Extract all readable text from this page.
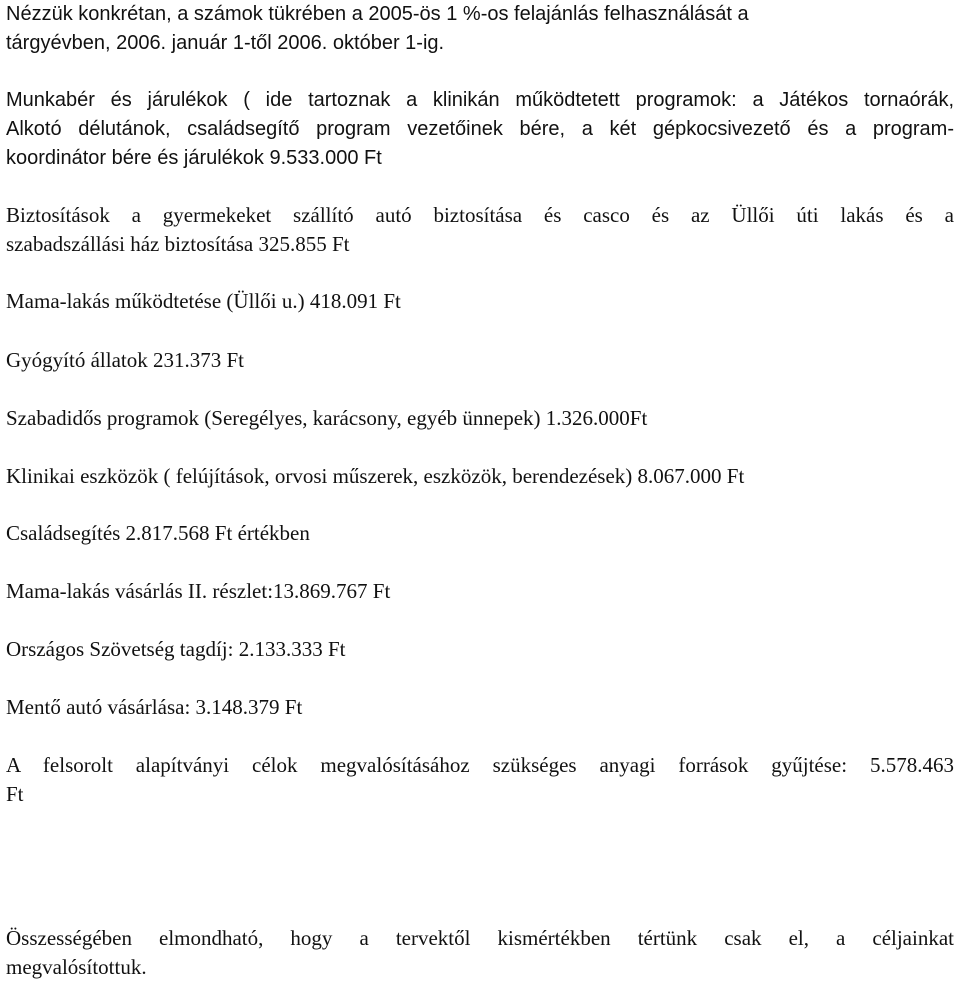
Nézzük konkrétan, a számok tükrében a 2005-ös 1 %-os felajánlás felhasználását a
tárgyévben, 2006. január 1-től 2006. október 1-ig.
Munkabér és járulékok ( ide tartoznak a klinikán működtetett programok: a Játékos tornaórák,
Alkotó délutánok, családsegítő program vezetőinek bére, a két gépkocsivezető és a program-
koordinátor bére és járulékok 9.533.000 Ft
Biztosítások a gyermekeket szállító autó biztosítása és casco és az Üllői úti lakás és a
szabadszállási ház biztosítása 325.855 Ft

Mama-lakás működtetése (Üllői u.) 418.091 Ft

Gyógyító állatok 231.373 Ft

Szabadidős programok (Seregélyes, karácsony, egyéb ünnepek) 1.326.000Ft

Klinikai eszközök ( felújítások, orvosi műszerek, eszközök, berendezések) 8.067.000 Ft

Családsegítés 2.817.568 Ft értékben

Mama-lakás vásárlás II. részlet:13.869.767 Ft

Országos Szövetség tagdíj: 2.133.333 Ft

Mentő autó vásárlása: 3.148.379 Ft

A felsorolt alapítványi célok megvalósításához szükséges anyagi források gyűjtése: 5.578.463
Ft
Összességében elmondható, hogy a tervektől kismértékben tértünk csak el, a céljainkat
megvalósítottuk.
